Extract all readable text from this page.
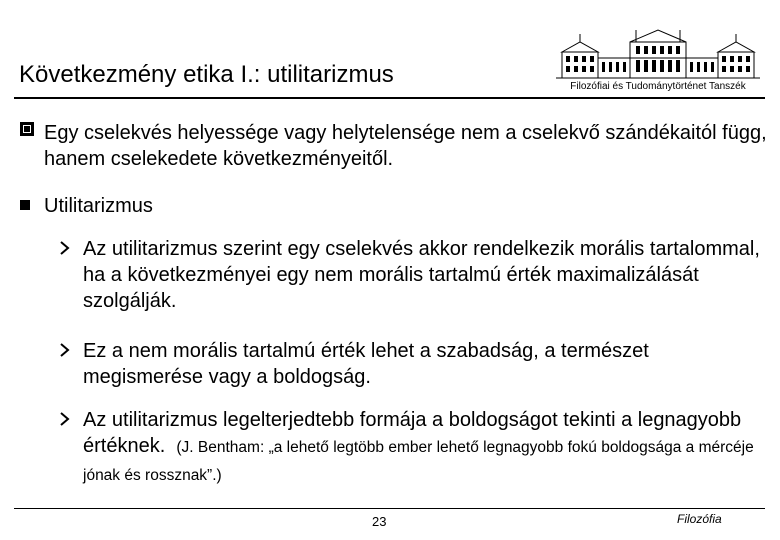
Következmény etika I.: utilitarizmus	Filozófiai és Tudománytörténet Tanszék
Egy cselekvés helyessége vagy helytelensége nem a cselekvő szándékaitól függ, hanem cselekedete következményeitől.
Utilitarizmus
Az utilitarizmus szerint egy cselekvés akkor rendelkezik morális tartalommal, ha a következményei egy nem morális tartalmú érték maximalizálását szolgálják.
Ez a nem morális tartalmú érték lehet a szabadság, a természet megismerése vagy a boldogság.
Az utilitarizmus legelterjedtebb formája a boldogságot tekinti a legnagyobb értéknek. (J. Bentham: „a lehető legtöbb ember lehető legnagyobb fokú boldogsága a mércéje jónak és rossznak”.)
23	Filozófia
